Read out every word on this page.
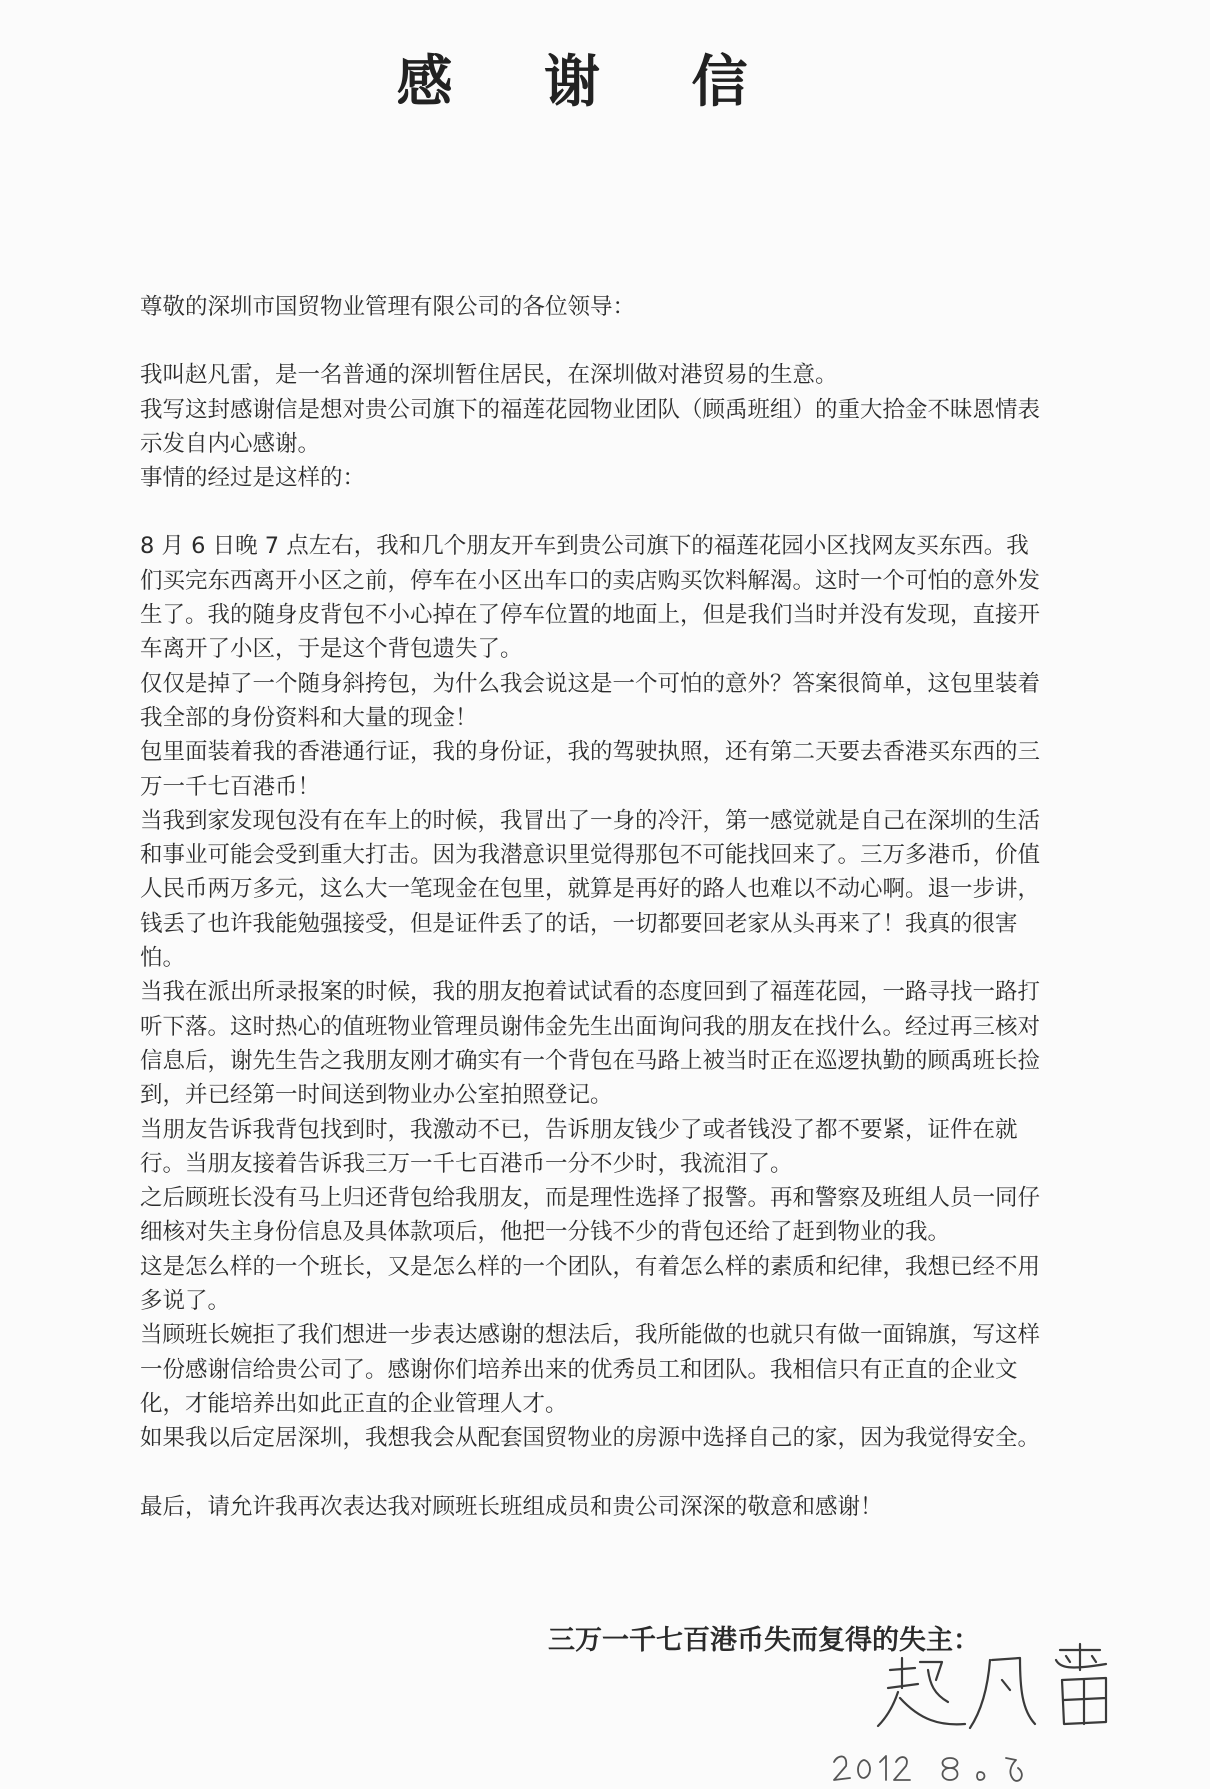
感 谢 信

尊敬的深圳市国贸物业管理有限公司的各位领导：

我叫赵凡雷，是一名普通的深圳暂住居民，在深圳做对港贸易的生意。

我写这封感谢信是想对贵公司旗下的福莲花园物业团队（顾禹班组）的重大拾金不昧恩情表示发自内心感谢。

事情的经过是这样的：

8 月 6 日晚 7 点左右，我和几个朋友开车到贵公司旗下的福莲花园小区找网友买东西。我们买完东西离开小区之前，停车在小区出车口的卖店购买饮料解渴。这时一个可怕的意外发生了。我的随身皮背包不小心掉在了停车位置的地面上，但是我们当时并没有发现，直接开车离开了小区，于是这个背包遗失了。

仅仅是掉了一个随身斜挎包，为什么我会说这是一个可怕的意外？答案很简单，这包里装着我全部的身份资料和大量的现金！

包里面装着我的香港通行证，我的身份证，我的驾驶执照，还有第二天要去香港买东西的三万一千七百港币！

当我到家发现包没有在车上的时候，我冒出了一身的冷汗，第一感觉就是自己在深圳的生活和事业可能会受到重大打击。因为我潜意识里觉得那包不可能找回来了。三万多港币，价值人民币两万多元，这么大一笔现金在包里，就算是再好的路人也难以不动心啊。退一步讲，钱丢了也许我能勉强接受，但是证件丢了的话，一切都要回老家从头再来了！我真的很害怕。

当我在派出所录报案的时候，我的朋友抱着试试看的态度回到了福莲花园，一路寻找一路打听下落。这时热心的值班物业管理员谢伟金先生出面询问我的朋友在找什么。经过再三核对信息后，谢先生告之我朋友刚才确实有一个背包在马路上被当时正在巡逻执勤的顾禹班长捡到，并已经第一时间送到物业办公室拍照登记。

当朋友告诉我背包找到时，我激动不已，告诉朋友钱少了或者钱没了都不要紧，证件在就行。当朋友接着告诉我三万一千七百港币一分不少时，我流泪了。

之后顾班长没有马上归还背包给我朋友，而是理性选择了报警。再和警察及班组人员一同仔细核对失主身份信息及具体款项后，他把一分钱不少的背包还给了赶到物业的我。

这是怎么样的一个班长，又是怎么样的一个团队，有着怎么样的素质和纪律，我想已经不用多说了。

当顾班长婉拒了我们想进一步表达感谢的想法后，我所能做的也就只有做一面锦旗，写这样一份感谢信给贵公司了。感谢你们培养出来的优秀员工和团队。我相信只有正直的企业文化，才能培养出如此正直的企业管理人才。

如果我以后定居深圳，我想我会从配套国贸物业的房源中选择自己的家，因为我觉得安全。

最后，请允许我再次表达我对顾班长班组成员和贵公司深深的敬意和感谢！

三万一千七百港币失而复得的失主：
